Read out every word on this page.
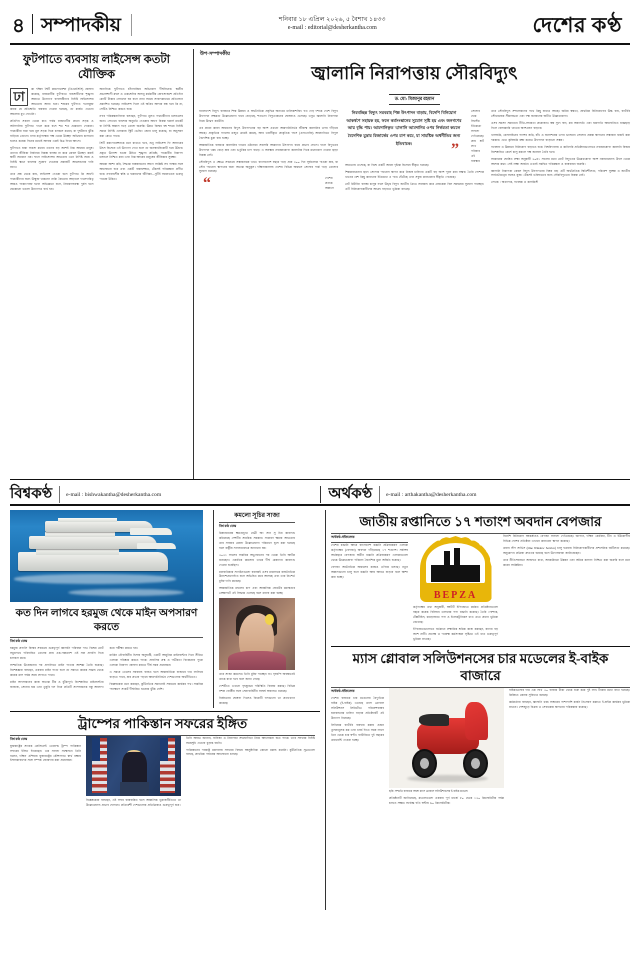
৪ সম্পাদকীয়	শনিবার ১৮ এপ্রিল ২০২৬, ৫ বৈশাখ ১৪৩৩
e-mail : editorial@desherkantha.com	দেশের কণ্ঠ
ফুটপাতে ব্যবসায় লাইসেন্স কতটা যৌক্তিক
ঢা	কা দক্ষিণ সিটি করপোরেশন (ডিএনসিসি) ঘোষণা করেছে, রাজধানীর ফুটপাতে ব্যবসায়ীদের শৃঙ্খলা আনতে উদ্যোগে ব্যবসায়ীদের নির্দিষ্ট লাইসেন্সের আওতায় আনা হবে। শহরের ফুটপাত দখলমুক্ত করার যে প্রতিশ্রুতি বারবার দেওয়া হয়েছে, তা কার্যত এখনো আলোর মুখ দেখেনি।

প্রতিদিন সকাল থেকে রাত পর্যন্ত রাজধানীর প্রধান সড়ক ও অলিগলির ফুটপাত দখল করে বসে শত শত ভ্রাম্যমাণ দোকান। পথচারীরা বাধ্য হয়ে মূল সড়ক দিয়ে চলাচল করেন, যা দুর্ঘটনার ঝুঁকি বাড়িয়ে তোলে। নগর কর্তৃপক্ষের পক্ষ থেকে উচ্ছেদ অভিযান চালানো হলেও কয়েক দিনের মধ্যেই আবার একই চিত্র ফিরে আসে।

ফুটপাতে যারা ব্যবসা করেন তাদের বড় অংশই নিম্ন আয়ের মানুষ। তাদের জীবিকা নির্বাহের বিকল্প ব্যবস্থা না করে কেবল উচ্ছেদ করাই স্থায়ী সমাধান নয়। ফলে লাইসেন্সের আওতায় এনে নির্দিষ্ট সময় ও নির্দিষ্ট স্থানে ব্যবসার সুযোগ দেওয়ার প্রস্তাবটি আলোচনার দাবি রাখে।

তবে প্রশ্ন থেকে যায়, লাইসেন্স দেওয়া হলে ফুটপাত কি আদৌ পথচারীদের জন্য উন্মুক্ত থাকবে? নাকি বৈধতার আড়ালে দখলদারিত্ব আরও পাকাপোক্ত হবে? অভিজ্ঞতা বলে, নিয়ন্ত্রণব্যবস্থা দুর্বল হলে যেকোনো ভালো উদ্যোগও ব্যর্থ হয়।

অন্যদিকে ফুটপাতে চাঁদাবাজির অভিযোগ দীর্ঘদিনের। স্থানীয় প্রভাবশালী মহল ও একশ্রেণির অসাধু কর্মচারীর যোগসাজশে প্রতিদিন কোটি টাকার লেনদেন হয় বলে নানা সময়ে সংবাদমাধ্যমে প্রতিবেদন প্রকাশিত হয়েছে। লাইসেন্স দিলে এই অবৈধ আদায় বন্ধ হবে কি না, সেটিও নিশ্চিত করতে হবে।

নগর পরিকল্পনাবিদরা বলছেন, ফুটপাত মূলত পথচারীদের চলাচলের জন্য। সেখানে ব্যবসার অনুমতি দেওয়ার আগে বিকল্প হকার্স মার্কেট বা নির্দিষ্ট অঞ্চল গড়ে তোলা জরুরি। উন্নত বিশ্বের বহু শহরে নির্দিষ্ট সময়ে নির্দিষ্ট এলাকায় স্ট্রিট ভেন্ডিং জোন চালু রয়েছে, যা অনুসরণ করা যেতে পারে।

সিটি করপোরেশনকে মনে রাখতে হবে, শুধু লাইসেন্স ফি আদায়ের উৎস হিসেবে এই উদ্যোগ দেখা হলে তা জনস্বার্থবিরোধী হয়ে উঠবে। প্রকৃত উদ্দেশ্য হওয়া উচিত শৃঙ্খলা প্রতিষ্ঠা, পথচারীর নিরাপদ চলাচল নিশ্চিত করা এবং নিম্ন আয়ের মানুষের জীবিকার সুরক্ষা।

আমরা আশা করি, সিদ্ধান্ত বাস্তবায়নের আগে সংশ্লিষ্ট সব পক্ষের সঙ্গে আলোচনা হবে এবং একটি বাস্তবসম্মত, টেকসই পরিকল্পনা প্রণীত হবে। নগরবাসীর স্বস্তি ও হকারদের জীবিকা—দুটিই সমানভাবে গুরুত্ব পাওয়া উচিত।

উপ-সম্পাদকীয়
জ্বালানি নিরাপত্তায় সৌরবিদ্যুৎ
ড. মো: মিজানুর রহমান

বাংলাদেশ বিদ্যুৎ ব্যবহারে শিল্প উন্নয়ন ও অর্থনৈতিক প্রবৃদ্ধির অন্যতম চালিকাশক্তি। গত দেড় দশকে দেশে বিদ্যুৎ উৎপাদন সক্ষমতা উল্লেখযোগ্য হারে বেড়েছে, শতভাগ বিদ্যুতায়নের ঘোষণাও এসেছে। তবুও জ্বালানি নিরাপত্তা নিয়ে উদ্বেগ কাটেনি।

এর প্রধান কারণ আমাদের বিদ্যুৎ উৎপাদনের বড় অংশ এখনো আমদানিনির্ভর জীবাশ্ম জ্বালানির ওপর দাঁড়িয়ে আছে। প্রাকৃতিক গ্যাসের মজুত ক্রমেই কমছে, আর তরলীকৃত প্রাকৃতিক গ্যাস (এলএনজি) আমদানিতে বিপুল বৈদেশিক মুদ্রা ব্যয় হচ্ছে।

আন্তর্জাতিক বাজারে জ্বালানির দামের ওঠানামা সরাসরি আমাদের উৎপাদন ব্যয়ে প্রভাব ফেলে। ফলে বিদ্যুতের উৎপাদন খরচ বেড়ে যায় এবং ভর্তুকির চাপ বাড়ে। এ অবস্থায় নবায়নযোগ্য জ্বালানির দিকে মনোযোগ দেওয়া ছাড়া বিকল্প নেই।

সৌরবিদ্যুৎ এ ক্ষেত্রে সবচেয়ে সম্ভাবনাময় খাত। বাংলাদেশে বছরে গড়ে প্রায় ৩০০ দিন সূর্যালোক পাওয়া যায়, যা সৌর প্যানেল স্থাপনের জন্য অত্যন্ত অনুকূল। দক্ষিণাঞ্চলসহ দেশের বিভিন্ন অঞ্চলে সোলার পার্ক গড়ে তোলার সুযোগ রয়েছে।

“
নিরবচ্ছিন্ন বিদ্যুৎ সরবরাহ শিল্প উৎপাদন বাড়ায়, বিদেশি বিনিয়োগ আকর্ষণে সহায়ক হয়, ফলে কর্মসংস্থানের সুযোগ সৃষ্টি হয় এবং জনগণের আয় বৃদ্ধি পায়। আমদানিকৃত জ্বালানি আমদানির ওপর নির্ভরতা কমলে বৈদেশিক মুদ্রার রিজার্ভের ওপর চাপ কমে, যা সামষ্টিক অর্থনীতির জন্য ইতিবাচক।	”

দেশের প্রত্যন্ত অঞ্চলে সোলার হোম সিস্টেম ইতিমধ্যে সাফল্য দেখিয়েছে। প্রায় ষাট লাখ পরিবার এই ব্যবস্থার আওতায় এসেছে, যা বিশ্বে একটি অনন্য দৃষ্টান্ত হিসেবে স্বীকৃত হয়েছে।

শিল্পকারখানার ছাদে সোলার প্যানেল স্থাপন করে নিজস্ব চাহিদার একটি বড় অংশ পূরণ করা সম্ভব। তৈরি পোশাক খাতের বেশ কিছু কারখানা ইতিমধ্যে এ পথে হেঁটেছে এবং সবুজ কারখানার স্বীকৃতি পেয়েছে।

নেট মিটারিং ব্যবস্থা চালুর ফলে উদ্বৃত্ত বিদ্যুৎ জাতীয় গ্রিডে সরবরাহ করে গ্রাহকেরা বিল সমন্বয়ের সুযোগ পাচ্ছেন। এটি বিনিয়োগকারীদের আগ্রহ বাড়াতে ভূমিকা রাখছে।

তবে সৌরবিদ্যুৎ সম্প্রসারণের পথে কিছু বাধাও আছে। জমির স্বল্পতা, প্রাথমিক বিনিয়োগের উচ্চ ব্যয়, ব্যাটারি স্টোরেজের সীমাবদ্ধতা এবং দক্ষ জনবলের ঘাটতি উল্লেখযোগ্য।

এসব সমস্যা সমাধানে নীতি-সহায়তা প্রয়োজন। স্বল্প সুদে ঋণ, কর অব্যাহতি এবং যন্ত্রপাতি আমদানিতে শুল্কছাড় দিলে বেসরকারি খাতের অংশগ্রহণ বাড়বে।

খাসজমি, রেললাইনের পাশের জমি, বাঁধ ও জলাশয়ের ওপর ভাসমান সোলার প্রকল্প স্থাপনের সম্ভাবনা যাচাই করা দরকার। এতে কৃষিজমি রক্ষা করেও উৎপাদন বাড়ানো সম্ভব।

গবেষণা ও উন্নয়নে বিনিয়োগ বাড়াতে হবে। বিশ্ববিদ্যালয় ও কারিগরি প্রতিষ্ঠানগুলোতে নবায়নযোগ্য জ্বালানি বিষয়ে বিশেষায়িত কোর্স চালু করলে দক্ষ জনবল তৈরি হবে।

সরকারের ঘোষিত লক্ষ্য অনুযায়ী ২০৪১ সালের মধ্যে মোট বিদ্যুতের উল্লেখযোগ্য অংশ নবায়নযোগ্য উৎস থেকে আসার কথা। সেই লক্ষ্য অর্জনে এখনই সমন্বিত পরিকল্পনা ও বাস্তবায়ন জরুরি।

জ্বালানি নিরাপত্তা কেবল বিদ্যুৎ উৎপাদনের বিষয় নয়; এটি অর্থনৈতিক স্থিতিশীলতা, পরিবেশ সুরক্ষা ও জাতীয় সার্বভৌমত্বের সঙ্গেও যুক্ত। টেকসই ভবিষ্যতের জন্য সৌরবিদ্যুতের বিকল্প নেই।

লেখক : অধ্যাপক, গবেষক ও কলামিস্ট

বিশ্বকণ্ঠ	e-mail : bishwakantha@desherkantha.com	অর্থকণ্ঠ	e-mail : arthakantha@desherkantha.com
কত দিন লাগবে হরমুজ থেকে মাইন অপসারণ করতে
বিশ্ব কণ্ঠ ডেস্ক

হরমুজ প্রণালি বিশ্বের সবচেয়ে গুরুত্বপূর্ণ জ্বালানি পরিবহন পথ। বিশ্বের মোট সমুদ্রপথে পরিবাহিত তেলের প্রায় এক-পঞ্চমাংশ এই সরু প্রণালি দিয়ে চলাচল করে।

সাম্প্রতিক উত্তেজনার পর প্রণালিতে মাইন পাতার আশঙ্কা তৈরি হয়েছে। বিশেষজ্ঞরা বলছেন, একবার মাইন পাতা হলে তা সরাতে কয়েক সপ্তাহ থেকে কয়েক মাস পর্যন্ত সময় লাগতে পারে।

মাইন অপসারণের কাজ অত্যন্ত ধীর ও ঝুঁকিপূর্ণ। বিশেষায়িত মাইনহান্টার জাহাজ, সোনার যন্ত্র এবং ডুবুরি দল দিয়ে প্রতিটি সন্দেহজনক বস্তু আলাদা করে পরীক্ষা করতে হয়।

মার্কিন নৌবাহিনীর হিসাব অনুযায়ী, একটি আধুনিক মাইনহান্টার দিনে সীমিত এলাকা পরিষ্কার করতে পারে। প্রণালির প্রস্থ ও গভীরতা বিবেচনায় পুরো এলাকা নিরাপদ ঘোষণা করতে দীর্ঘ সময় প্রয়োজন।

এ সময়ে তেলের সরবরাহ ব্যাহত হলে আন্তর্জাতিক বাজারে দাম লাফিয়ে বাড়তে পারে, যার প্রভাব পড়বে আমদানিনির্ভর দেশগুলোর অর্থনীতিতে।

বিশ্লেষকেরা মনে করছেন, কূটনৈতিক সমাধানই সবচেয়ে কার্যকর পথ। সামরিক পদক্ষেপে সংকট দীর্ঘায়িত হওয়ার ঝুঁকি বেশি।

কমলো সূচির সাজা
বিশ্ব কণ্ঠ ডেস্ক

মিয়ানমারের ক্ষমতাচ্যুত নেত্রী অং সান সু চির কারাদণ্ড কমিয়েছে দেশটির সামরিক সরকার। সাধারণ ক্ষমার আওতায় তার সাজার মেয়াদ উল্লেখযোগ্য পরিমাণে হ্রাস করা হয়েছে বলে রাষ্ট্রীয় সংবাদমাধ্যমে জানানো হয়।

২০২১ সালের সামরিক অভ্যুত্থানের পর থেকে তিনি আটক রয়েছেন। একাধিক মামলায় তাকে দীর্ঘ মেয়াদের কারাদণ্ড দেওয়া হয়েছিল।

মানবাধিকার সংগঠনগুলো বরাবরই এসব মামলাকে রাজনৈতিক উদ্দেশ্যপ্রণোদিত বলে অভিহিত করে আসছে এবং তার নিঃশর্ত মুক্তি দাবি করেছে।

আন্তর্জাতিক মহলের চাপ এবং আঞ্চলিক জোটের মধ্যস্থতার প্রেক্ষাপটে এই সিদ্ধান্ত এসেছে বলে ধারণা করা হচ্ছে।

তবে সাজা কমলেও তিনি মুক্তি পাচ্ছেন না। গৃহবন্দি অবস্থাতেই তাকে রাখা হবে বলে জানা গেছে।

দেশটিতে এখনো গৃহযুদ্ধের পরিস্থিতি বিরাজ করছে। বিভিন্ন সশস্ত্র গোষ্ঠীর সঙ্গে সেনাবাহিনীর সংঘর্ষ অব্যাহত রয়েছে।

নির্বাচনের ঘোষণা দিলেও বিরোধী দলগুলো তা প্রত্যাখ্যান করেছে।

ট্রাম্পের পাকিস্তান সফরের ইঙ্গিত
বিশ্ব কণ্ঠ ডেস্ক

যুক্তরাষ্ট্রের সাবেক প্রেসিডেন্ট ডোনাল্ড ট্রাম্প পাকিস্তান সফরের ইঙ্গিত দিয়েছেন। এক সংবাদ সম্মেলনে তিনি বলেন, দক্ষিণ এশিয়ায় যুক্তরাষ্ট্রের কৌশলগত স্বার্থ রক্ষায় ইসলামাবাদের সঙ্গে সম্পর্ক জোরদার করা প্রয়োজন।

বিশ্লেষকেরা বলছেন, এই সফর বাস্তবায়িত হলে আঞ্চলিক ভূরাজনীতিতে তা উল্লেখযোগ্য প্রভাব ফেলবে। প্রতিবেশী দেশগুলোর প্রতিক্রিয়াও গুরুত্বপূর্ণ হবে।

তিনি আরও জানান, বাণিজ্য ও নিরাপত্তা সহযোগিতা নিয়ে আলোচনা হতে পারে। তবে সফরের নির্দিষ্ট সময়সূচি এখনো চূড়ান্ত হয়নি।

পাকিস্তানের পররাষ্ট্র মন্ত্রণালয় সফরের বিষয়ে আনুষ্ঠানিক কোনো মন্তব্য করেনি। কূটনৈতিক সূত্রগুলো বলছে, প্রাথমিক পর্যায়ের আলোচনা চলছে।

জাতীয় রপ্তানিতে ১৭ শতাংশ অবদান বেপজার
অর্থকণ্ঠ প্রতিবেদক

দেশের রপ্তানি আয়ে বাংলাদেশ রপ্তানি প্রক্রিয়াকরণ এলাকা কর্তৃপক্ষের (বেপজা) অবদান দাঁড়িয়েছে ১৭ শতাংশ। সর্বশেষ অর্থবছরে বেপজার অধীন রপ্তানি প্রক্রিয়াকরণ এলাকাগুলো থেকে উল্লেখযোগ্য পরিমাণ বৈদেশিক মুদ্রা অর্জিত হয়েছে।

বেপজা অর্থনৈতিক অঞ্চলের কাজও এগিয়ে চলছে। নতুন অঞ্চলগুলো চালু হলে রপ্তানি আয় আরও বাড়বে বলে আশা করা হচ্ছে।

BEPZA

কর্তৃপক্ষের তথ্য অনুযায়ী, আটটি ইপিজেডে কর্মরত প্রতিষ্ঠানগুলো বছরে কয়েক বিলিয়ন ডলারের পণ্য রপ্তানি করেছে। তৈরি পোশাক, টেক্সটাইল, চামড়াজাত পণ্য ও ইলেকট্রনিকস খাত এতে প্রধান ভূমিকা রেখেছে।

ইপিজেডগুলোতে বর্তমানে লক্ষাধিক শ্রমিক কাজ করছেন, যাদের বড় অংশ নারী। প্রত্যক্ষ ও পরোক্ষ কর্মসংস্থান সৃষ্টিতে এই খাত গুরুত্বপূর্ণ ভূমিকা রাখছে।

বিদেশি বিনিয়োগ আকর্ষণেও বেপজা সাফল্য দেখিয়েছে। জাপান, দক্ষিণ কোরিয়া, চীন ও ইউরোপীয় বিভিন্ন দেশের প্রতিষ্ঠান এখানে কারখানা স্থাপন করেছে।

ওয়ান স্টপ সার্ভিস (One Window Service) চালু হওয়ায় বিনিয়োগকারীদের প্রশাসনিক জটিলতা কমেছে। অনুমোদন প্রক্রিয়া দ্রুততর হয়েছে বলে উদ্যোক্তারা জানিয়েছেন।

তবে নীতিসহায়তা অব্যাহত রাখা, অবকাঠামো উন্নয়ন এবং শ্রমিক কল্যাণ নিশ্চিত করা জরুরি বলে মনে করেন সংশ্লিষ্টরা।

ম্যাস গ্লোবাল সলিউশনসের চার মডেলের ই-বাইক বাজারে
অর্থকণ্ঠ প্রতিবেদক

দেশের বাজারে চার মডেলের বৈদ্যুতিক বাইক (ই-বাইক) এনেছে ম্যাস গ্লোবাল সলিউশনস লিমিটেড। পরিবেশবান্ধব যানবাহনের চাহিদা বাড়ায় প্রতিষ্ঠানটি এই উদ্যোগ নিয়েছে।

লিথিয়াম ব্যাটারি ব্যবহার করায় ওজন তুলনামূলক কম এবং চার্জ দিতে সময় লাগে তিন থেকে চার ঘণ্টা। ব্যাটারিতে দুই বছরের ওয়ারেন্টি দেওয়া হচ্ছে।

ছবি: সম্প্রতি বাজারে আসা ম্যাস গ্লোবাল সলিউশনসের ই-বাইক মডেল।

প্রতিষ্ঠানটি জানিয়েছে, মডেলগুলো একবার পূর্ণ চার্জে ৮০ থেকে ১২০ কিলোমিটার পর্যন্ত চলতে সক্ষম। সর্বোচ্চ গতি ঘণ্টায় ৬০ কিলোমিটার।

বাইকগুলোর দাম এক লাখ ২০ হাজার টাকা থেকে শুরু করে দুই লাখ টাকার মধ্যে রাখা হয়েছে। কিস্তিতে কেনার সুবিধাও রয়েছে।

কর্মকর্তারা বলছেন, জ্বালানি খরচ সাশ্রয়ের পাশাপাশি কার্বন নিঃসরণ কমাতে ই-বাইক কার্যকর ভূমিকা রাখবে। দেশজুড়ে বিক্রয় ও সেবাকেন্দ্র স্থাপনের পরিকল্পনা রয়েছে।
